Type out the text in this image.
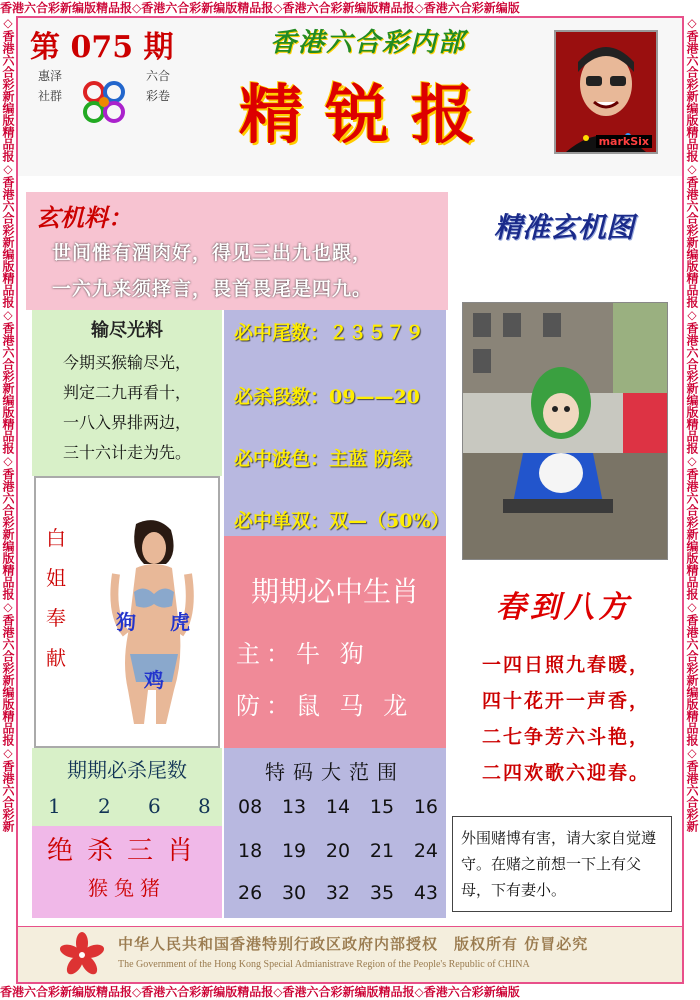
香港六合彩新编版精品报◇香港六合彩新编版精品报◇香港六合彩新编版精品报◇香港六合彩新编版
香港六合彩新编版精品报◇香港六合彩新编版精品报◇香港六合彩新编版精品报◇香港六合彩新编版
◇香港六合彩新编版精品报◇香港六合彩新编版精品报◇香港六合彩新编版精品报◇香港六合彩新编版精品报◇香港六合彩新编版精品报◇香港六合彩新	◇香港六合彩新编版精品报◇香港六合彩新编版精品报◇香港六合彩新编版精品报◇香港六合彩新编版精品报◇香港六合彩新编版精品报◇香港六合彩新
第 075 期
惠泽社群
六合彩卷
香港六合彩内部
精锐报	markSix
玄机料：
世间惟有酒肉好，得见三出九也跟，
一六九来须择言，畏首畏尾是四九。
输尽光料
今期买猴输尽光，
判定二九再看十，
一八入界排两边，
三十六计走为先。
白
姐
奉
献
狗 虎
鸡
必中尾数：２３５７９
必杀段数：09——20
必中波色：主蓝 防绿
必中单双：双—（50%）
期期必中生肖
主：牛 狗
防：鼠 马 龙
期期必杀尾数
1 2 6 8
绝杀三肖
猴兔猪
特码大范围
08 13 14 15 16
18 19 20 21 24
26 30 32 35 43
精准玄机图
春到八方
一四日照九春暖，
四十花开一声香，
二七争芳六斗艳，
二四欢歌六迎春。
外围赌博有害，请大家自觉遵守。在赌之前想一下上有父母，下有妻小。
中华人民共和国香港特别行政区政府内部授权　版权所有 仿冒必究
The Government of the Hong Kong Special Admianistrave Region of the People's Republic of CHINA
